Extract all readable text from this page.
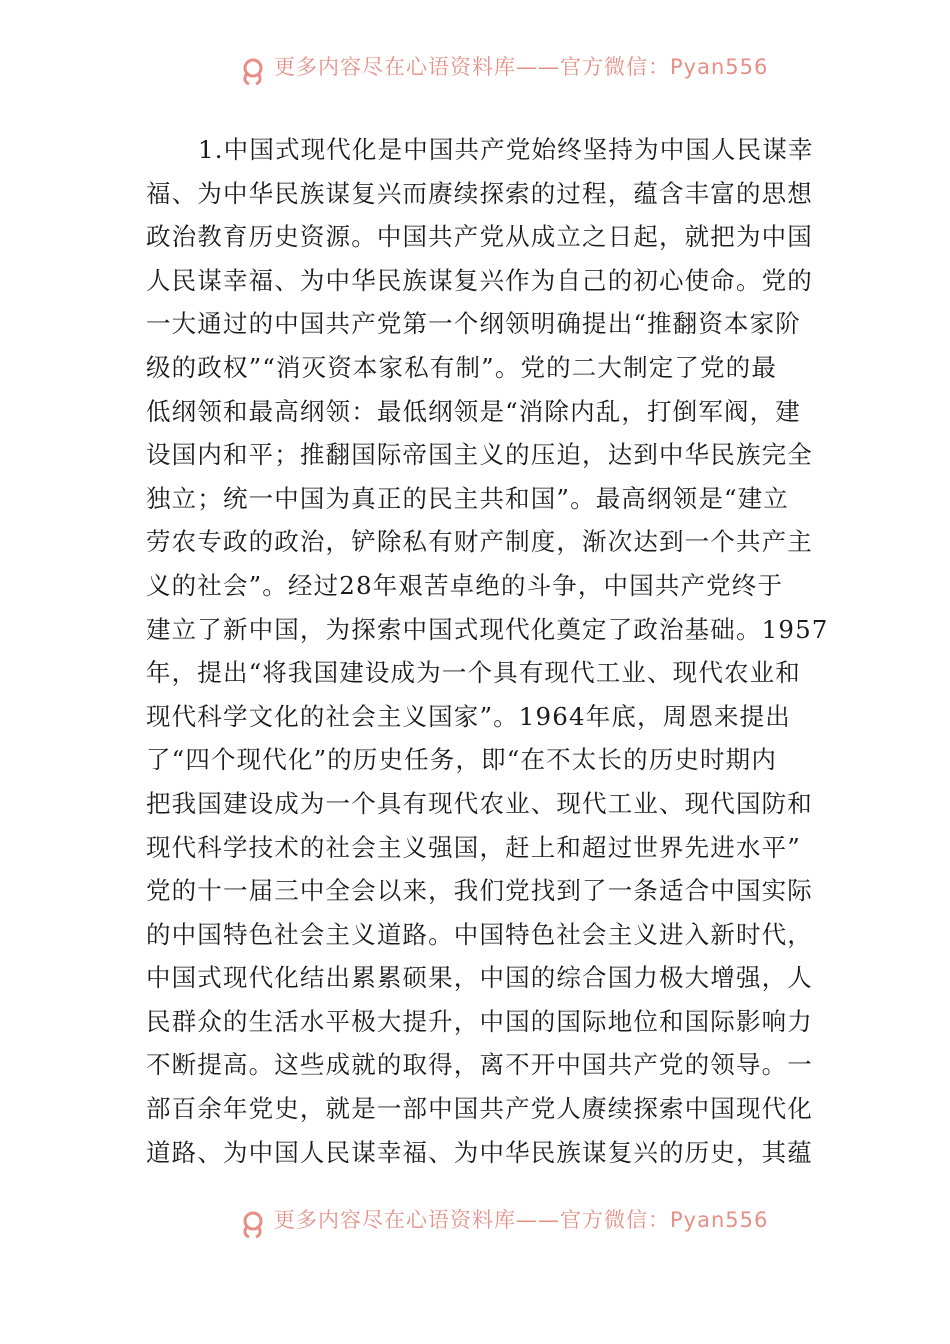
更多内容尽在心语资料库——官方微信：Pyan556
1.中国式现代化是中国共产党始终坚持为中国人民谋幸
福、为中华民族谋复兴而赓续探索的过程，蕴含丰富的思想
政治教育历史资源。中国共产党从成立之日起，就把为中国
人民谋幸福、为中华民族谋复兴作为自己的初心使命。党的
一大通过的中国共产党第一个纲领明确提出“推翻资本家阶
级的政权”“消灭资本家私有制”。党的二大制定了党的最
低纲领和最高纲领：最低纲领是“消除内乱，打倒军阀，建
设国内和平；推翻国际帝国主义的压迫，达到中华民族完全
独立；统一中国为真正的民主共和国”。最高纲领是“建立
劳农专政的政治，铲除私有财产制度，渐次达到一个共产主
义的社会”。经过28年艰苦卓绝的斗争，中国共产党终于
建立了新中国，为探索中国式现代化奠定了政治基础。1957
年，提出“将我国建设成为一个具有现代工业、现代农业和
现代科学文化的社会主义国家”。1964年底，周恩来提出
了“四个现代化”的历史任务，即“在不太长的历史时期内
把我国建设成为一个具有现代农业、现代工业、现代国防和
现代科学技术的社会主义强国，赶上和超过世界先进水平”
党的十一届三中全会以来，我们党找到了一条适合中国实际
的中国特色社会主义道路。中国特色社会主义进入新时代，
中国式现代化结出累累硕果，中国的综合国力极大增强，人
民群众的生活水平极大提升，中国的国际地位和国际影响力
不断提高。这些成就的取得，离不开中国共产党的领导。一
部百余年党史，就是一部中国共产党人赓续探索中国现代化
道路、为中国人民谋幸福、为中华民族谋复兴的历史，其蕴
更多内容尽在心语资料库——官方微信：Pyan556
